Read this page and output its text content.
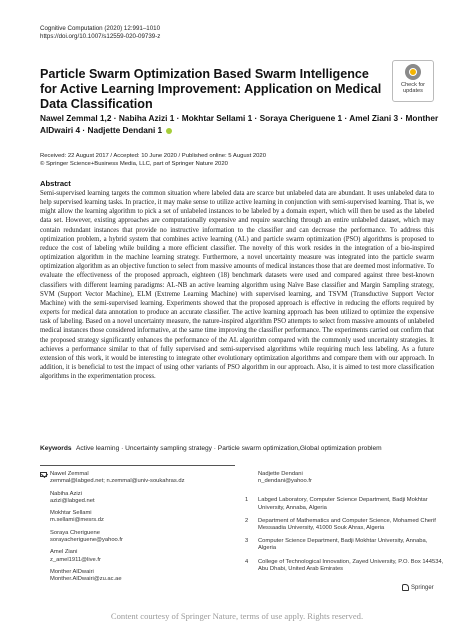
Cognitive Computation (2020) 12:991–1010
https://doi.org/10.1007/s12559-020-09739-z
Check for
updates
Particle Swarm Optimization Based Swarm Intelligence for Active Learning Improvement: Application on Medical Data Classification
Nawel Zemmal 1,2 · Nabiha Azizi 1 · Mokhtar Sellami 1 · Soraya Cheriguene 1 · Amel Ziani 3 · Monther AlDwairi 4 · Nadjette Dendani 1
Received: 22 August 2017 / Accepted: 10 June 2020 / Published online: 5 August 2020
© Springer Science+Business Media, LLC, part of Springer Nature 2020
Abstract
Semi-supervised learning targets the common situation where labeled data are scarce but unlabeled data are abundant. It uses unlabeled data to help supervised learning tasks. In practice, it may make sense to utilize active learning in conjunction with semi-supervised learning. That is, we might allow the learning algorithm to pick a set of unlabeled instances to be labeled by a domain expert, which will then be used as the labeled data set. However, existing approaches are computationally expensive and require searching through an entire unlabeled dataset, which may contain redundant instances that provide no instructive information to the classifier and can decrease the performance. To address this optimization problem, a hybrid system that combines active learning (AL) and particle swarm optimization (PSO) algorithms is proposed to reduce the cost of labeling while building a more efficient classifier. The novelty of this work resides in the integration of a bio-inspired optimization algorithm in the machine learning strategy. Furthermore, a novel uncertainty measure was integrated into the particle swarm optimization algorithm as an objective function to select from massive amounts of medical instances those that are deemed most informative. To evaluate the effectiveness of the proposed approach, eighteen (18) benchmark datasets were used and compared against three best-known classifiers with different learning paradigms: AL-NB an active learning algorithm using Naïve Base classifier and Margin Sampling strategy, SVM (Support Vector Machine), ELM (Extreme Learning Machine) with supervised learning, and TSVM (Transductive Support Vector Machine) with the semi-supervised learning. Experiments showed that the proposed approach is effective in reducing the efforts required by experts for medical data annotation to produce an accurate classifier. The active learning approach has been utilized to optimize the expensive task of labeling. Based on a novel uncertainty measure, the nature-inspired algorithm PSO attempts to select from massive amounts of unlabeled medical instances those considered informative, at the same time improving the classifier performance. The experiments carried out confirm that the proposed strategy significantly enhances the performance of the AL algorithm compared with the commonly used uncertainty strategies. It achieves a performance similar to that of fully supervised and semi-supervised algorithms while requiring much less labeling. As a future extension of this work, it would be interesting to integrate other evolutionary optimization algorithms and compare them with our approach. In addition, it is beneficial to test the impact of using other variants of PSO algorithm in our approach. Also, it is aimed to test more classification algorithms in the experimentation process.
Keywords Active learning · Uncertainty sampling strategy · Particle swarm optimization,Global optimization problem
Nawel Zemmal
zemmal@labged.net; n.zemmal@univ-soukahras.dz
Nabiha Azizi
azizi@labged.net
Mokhtar Sellami
m.sellami@mesrs.dz
Soraya Cheriguene
sorayacheriguene@yahoo.fr
Amel Ziani
z_amel1911@live.fr
Monther AlDwairi
Monther.AlDwairi@zu.ac.ae
Nadjette Dendani
n_dendani@yahoo.fr
1 Labged Laboratory, Computer Science Department, Badji Mokhtar University, Annaba, Algeria
2 Department of Mathematics and Computer Science, Mohamed Cherif Messaadia University, 41000 Souk Ahras, Algeria
3 Computer Science Department, Badji Mokhtar University, Annaba, Algeria
4 College of Technological Innovation, Zayed University, P.O. Box 144534, Abu Dhabi, United Arab Emirates
Springer
Content courtesy of Springer Nature, terms of use apply. Rights reserved.
